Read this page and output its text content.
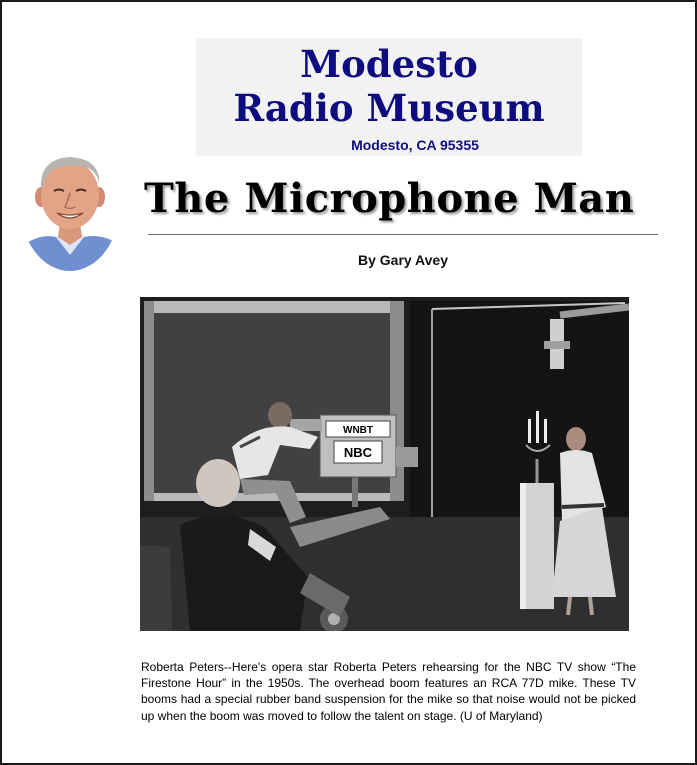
Modesto
Radio Museum
Modesto, CA 95355
The Microphone Man
By Gary Avey
WNBT
NBC
Roberta Peters--Here's opera star Roberta Peters rehearsing for the NBC TV show “The Firestone Hour” in the 1950s. The overhead boom features an RCA 77D mike. These TV booms had a special rubber band suspension for the mike so that noise would not be picked up when the boom was moved to follow the talent on stage. (U of Maryland)
